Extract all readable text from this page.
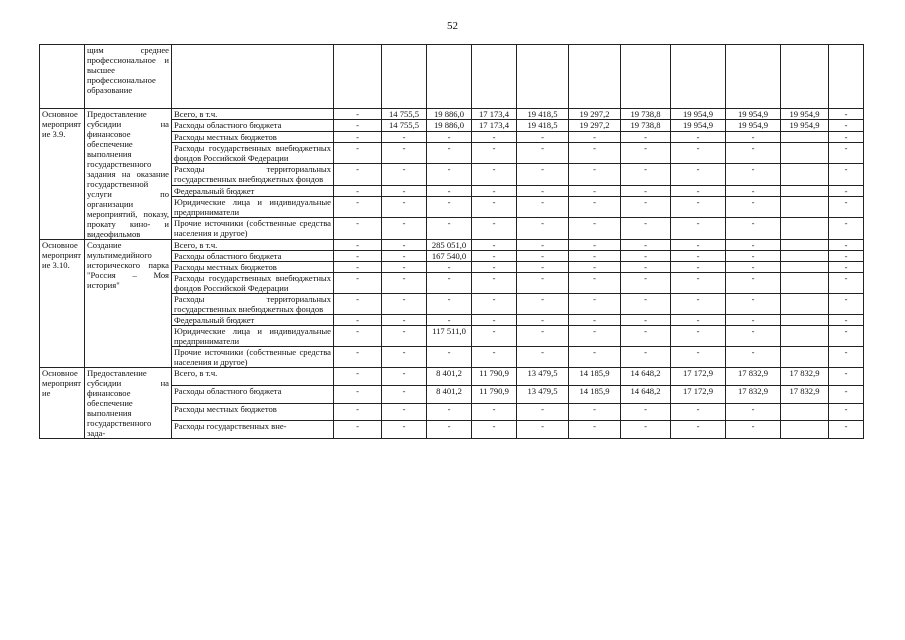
52
	щим среднее профессиональное и высшее профессиональное образование												
Основное мероприятие 3.9.	Предоставление субсидии на финансовое обеспечение выполнения государственного задания на оказание государственной услуги по организации мероприятий, показу, прокату кино- и видеофильмов	Всего, в т.ч.	-	14 755,5	19 886,0	17 173,4	19 418,5	19 297,2	19 738,8	19 954,9	19 954,9	19 954,9	-
		Расходы областного бюджета	-	14 755,5	19 886,0	17 173,4	19 418,5	19 297,2	19 738,8	19 954,9	19 954,9	19 954,9	-
		Расходы местных бюджетов	-	-	-	-	-	-	-	-	-		-
		Расходы государственных внебюджетных фондов Российской Федерации	-	-	-	-	-	-	-	-	-		-
		Расходы территориальных государственных внебюджетных фондов	-	-	-	-	-	-	-	-	-		-
		Федеральный бюджет	-	-	-	-	-	-	-	-	-		-
		Юридические лица и индивидуальные предприниматели	-	-	-	-	-	-	-	-	-		-
		Прочие источники (собственные средства населения и другое)	-	-	-	-	-	-	-	-	-		-
Основное мероприятие 3.10.	Создание мультимедийного исторического парка "Россия – Моя история"	Всего, в т.ч.	-	-	285 051,0	-	-	-	-	-	-		-
		Расходы областного бюджета	-	-	167 540,0	-	-	-	-	-	-		-
		Расходы местных бюджетов	-	-	-	-	-	-	-	-	-		-
		Расходы государственных внебюджетных фондов Российской Федерации	-	-	-	-	-	-	-	-	-		-
		Расходы территориальных государственных внебюджетных фондов	-	-	-	-	-	-	-	-	-		-
		Федеральный бюджет	-	-	-	-	-	-	-	-	-		-
		Юридические лица и индивидуальные предприниматели	-	-	117 511,0	-	-	-	-	-	-		-
		Прочие источники (собственные средства населения и другое)	-	-	-	-	-	-	-	-	-		-
Основное мероприятие	Предоставление субсидии на финансовое обеспечение выполнения государственного зада-	Всего, в т.ч.	-	-	8 401,2	11 790,9	13 479,5	14 185,9	14 648,2	17 172,9	17 832,9	17 832,9	-
		Расходы областного бюджета	-	-	8 401,2	11 790,9	13 479,5	14 185,9	14 648,2	17 172,9	17 832,9	17 832,9	-
		Расходы местных бюджетов	-	-	-	-	-	-	-	-	-		-
		Расходы государственных вне-	-	-	-	-	-	-	-	-	-		-
